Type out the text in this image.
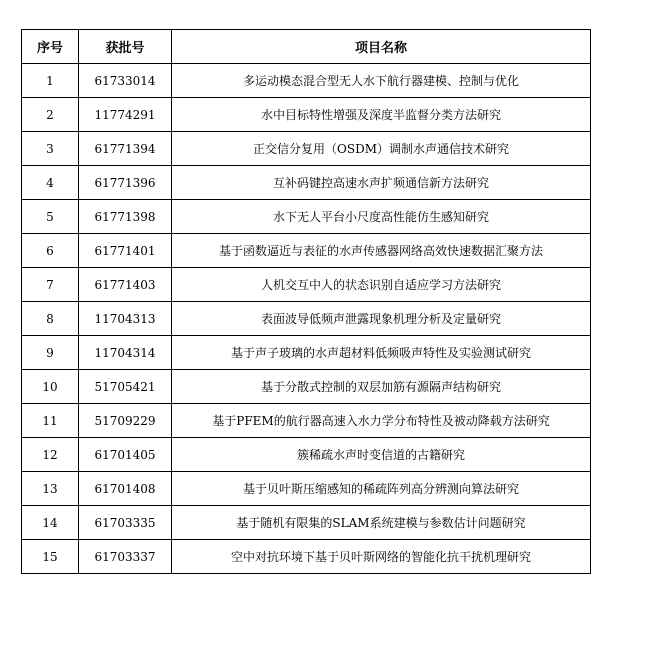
序号	获批号	项目名称
1	61733014	多运动模态混合型无人水下航行器建模、控制与优化
2	11774291	水中目标特性增强及深度半监督分类方法研究
3	61771394	正交信分复用（OSDM）调制水声通信技术研究
4	61771396	互补码键控高速水声扩频通信新方法研究
5	61771398	水下无人平台小尺度高性能仿生感知研究
6	61771401	基于函数逼近与表征的水声传感器网络高效快速数据汇聚方法
7	61771403	人机交互中人的状态识别自适应学习方法研究
8	11704313	表面波导低频声泄露现象机理分析及定量研究
9	11704314	基于声子玻璃的水声超材料低频吸声特性及实验测试研究
10	51705421	基于分散式控制的双层加筋有源隔声结构研究
11	51709229	基于PFEM的航行器高速入水力学分布特性及被动降载方法研究
12	61701405	簇稀疏水声时变信道的古籍研究
13	61701408	基于贝叶斯压缩感知的稀疏阵列高分辨测向算法研究
14	61703335	基于随机有限集的SLAM系统建模与参数估计问题研究
15	61703337	空中对抗环境下基于贝叶斯网络的智能化抗干扰机理研究
